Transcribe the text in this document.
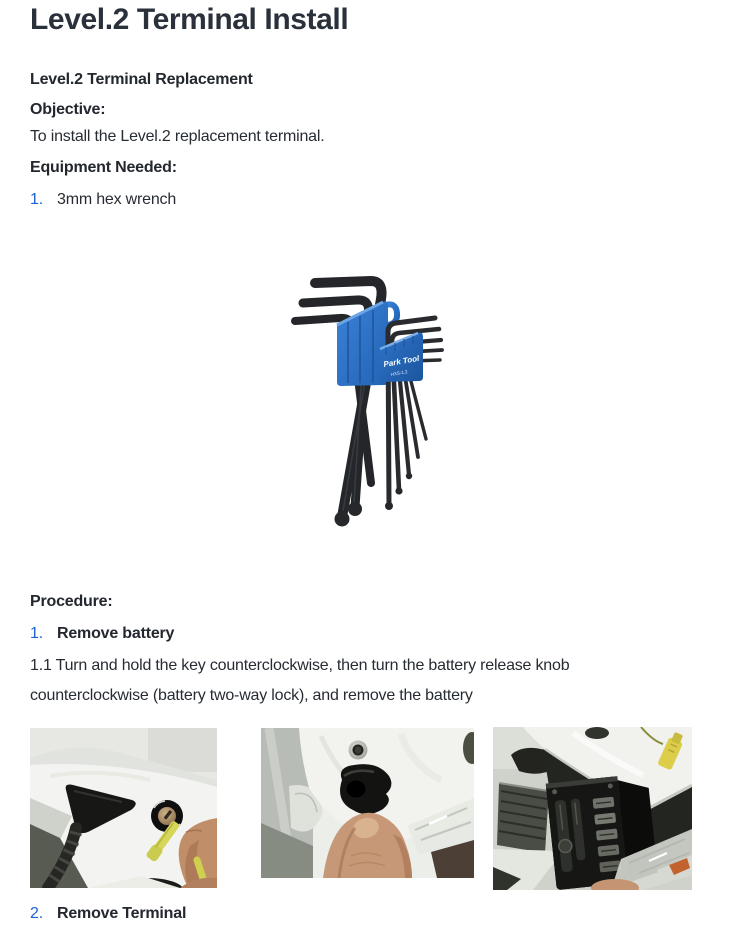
Level.2 Terminal Install

Level.2 Terminal Replacement

Objective:

To install the Level.2 replacement terminal.

Equipment Needed:

1. 3mm hex wrench
Park Tool
HXS-1.2

Procedure:

1. Remove battery

1.1 Turn and hold the key counterclockwise, then turn the battery release knob counterclockwise (battery two-way lock), and remove the battery

2. Remove Terminal
